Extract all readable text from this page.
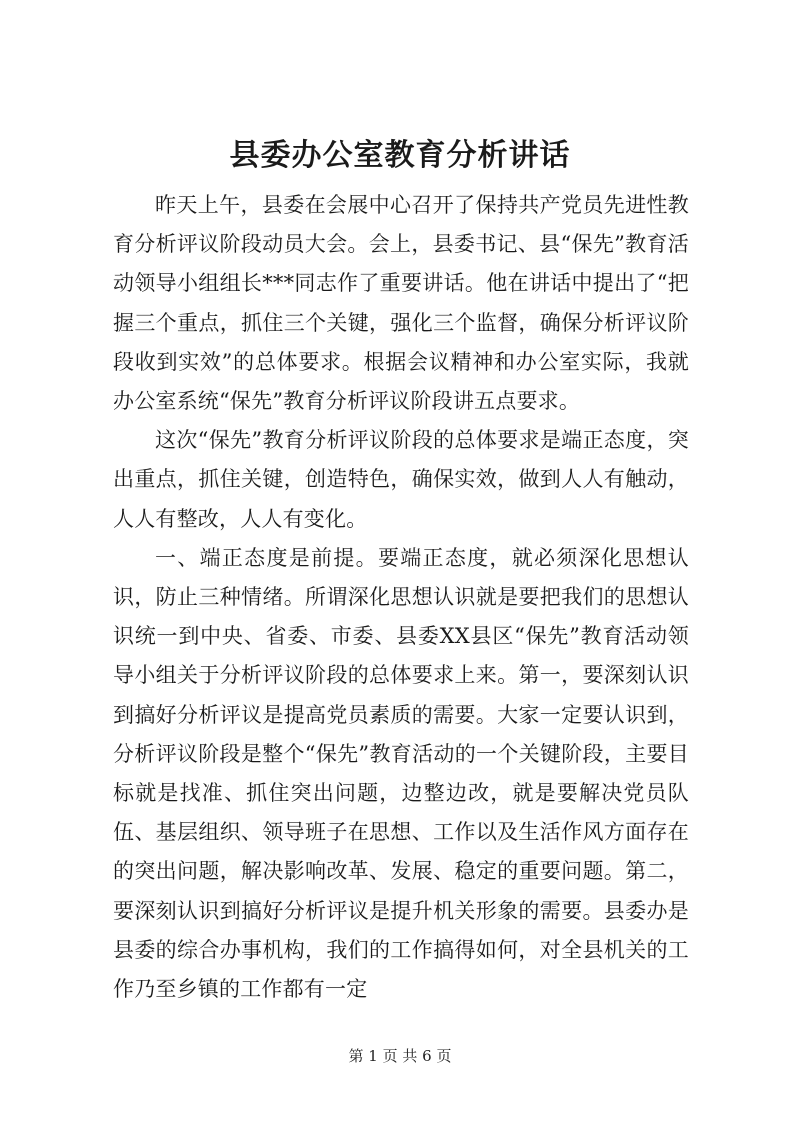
县委办公室教育分析讲话

昨天上午，县委在会展中心召开了保持共产党员先进性教育分析评议阶段动员大会。会上，县委书记、县“保先”教育活动领导小组组长***同志作了重要讲话。他在讲话中提出了“把握三个重点，抓住三个关键，强化三个监督，确保分析评议阶段收到实效”的总体要求。根据会议精神和办公室实际，我就办公室系统“保先”教育分析评议阶段讲五点要求。

这次“保先”教育分析评议阶段的总体要求是端正态度，突出重点，抓住关键，创造特色，确保实效，做到人人有触动，人人有整改，人人有变化。

一、端正态度是前提。要端正态度，就必须深化思想认识，防止三种情绪。所谓深化思想认识就是要把我们的思想认识统一到中央、省委、市委、县委XX县区“保先”教育活动领导小组关于分析评议阶段的总体要求上来。第一，要深刻认识到搞好分析评议是提高党员素质的需要。大家一定要认识到，分析评议阶段是整个“保先”教育活动的一个关键阶段，主要目标就是找准、抓住突出问题，边整边改，就是要解决党员队伍、基层组织、领导班子在思想、工作以及生活作风方面存在的突出问题，解决影响改革、发展、稳定的重要问题。第二，要深刻认识到搞好分析评议是提升机关形象的需要。县委办是县委的综合办事机构，我们的工作搞得如何，对全县机关的工作乃至乡镇的工作都有一定

第 1 页 共 6 页
